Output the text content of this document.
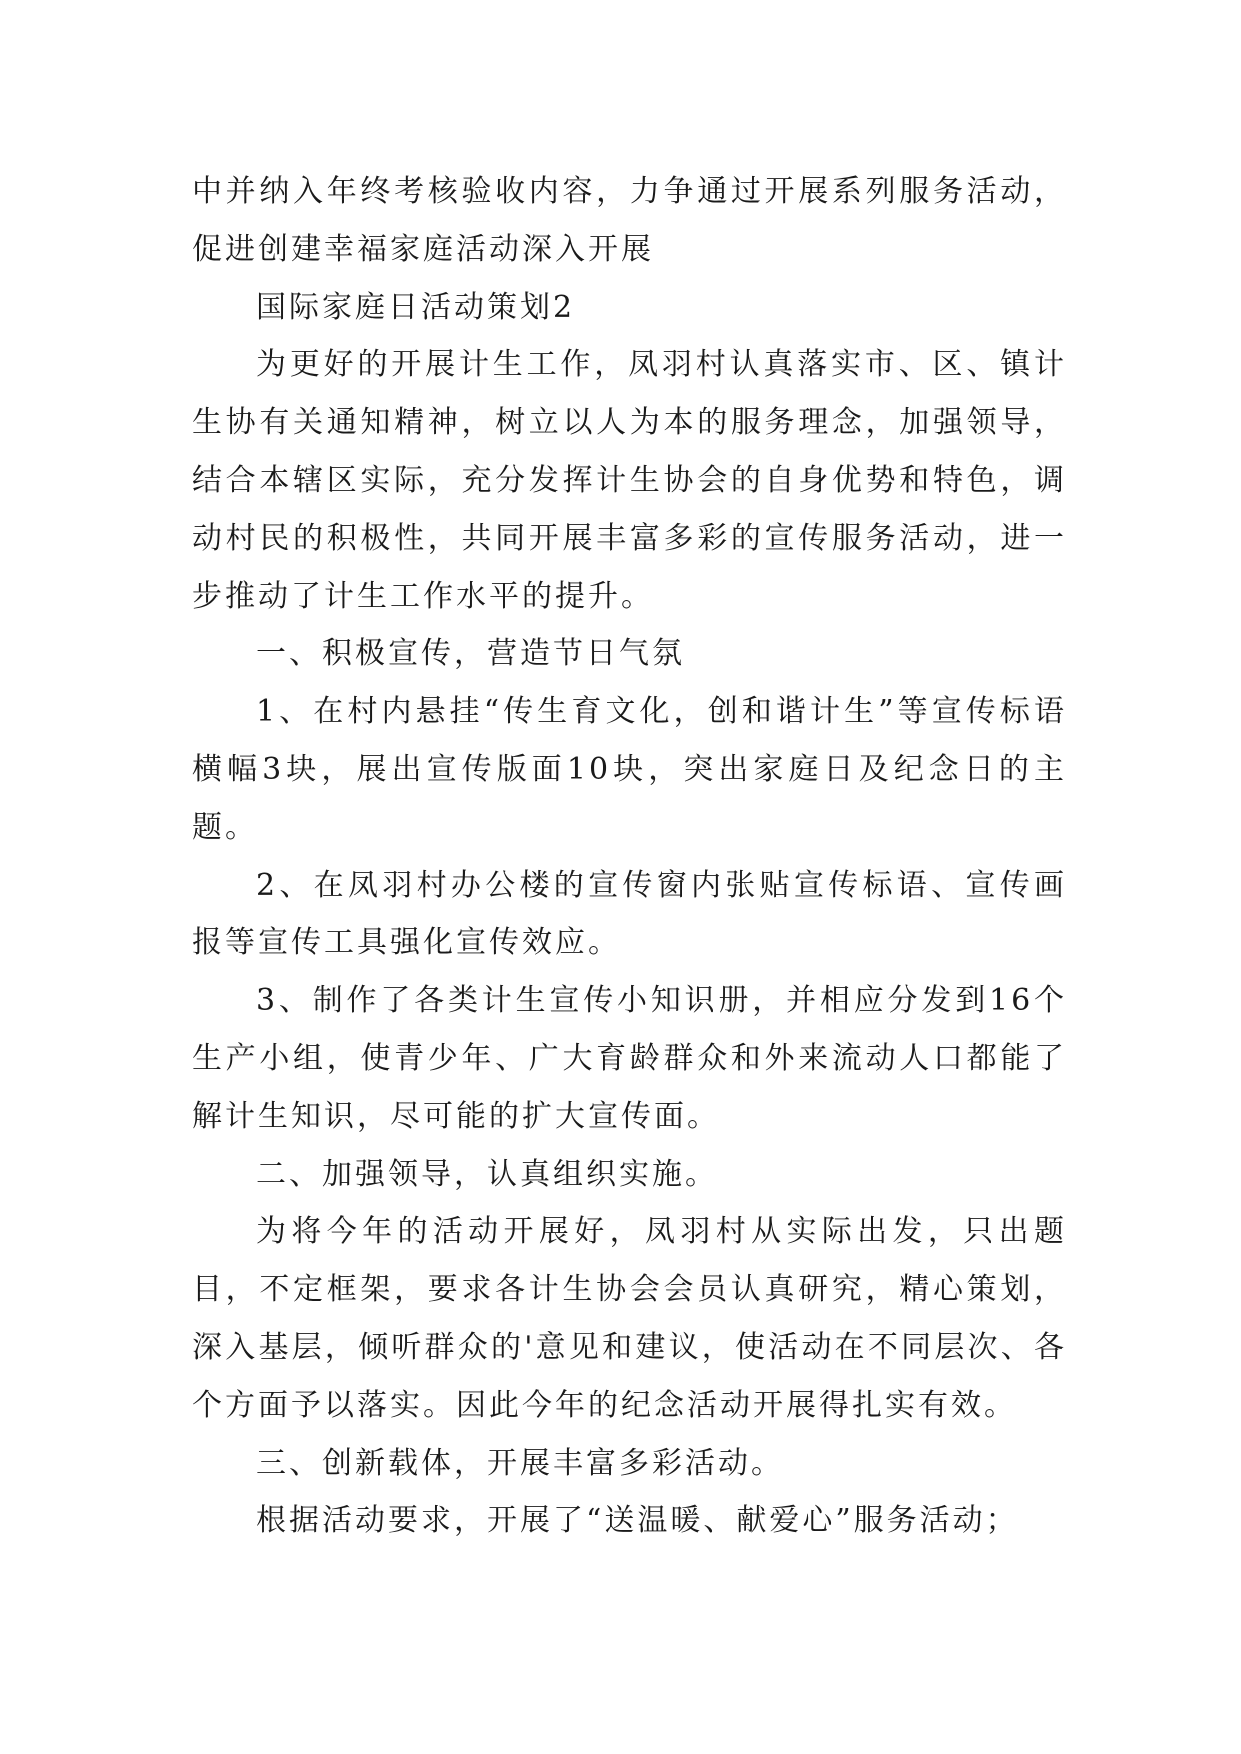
中并纳入年终考核验收内容，力争通过开展系列服务活动，促进创建幸福家庭活动深入开展

国际家庭日活动策划2

为更好的开展计生工作，凤羽村认真落实市、区、镇计生协有关通知精神，树立以人为本的服务理念，加强领导，结合本辖区实际，充分发挥计生协会的自身优势和特色，调动村民的积极性，共同开展丰富多彩的宣传服务活动，进一步推动了计生工作水平的提升。

一、积极宣传，营造节日气氛

1、在村内悬挂“传生育文化，创和谐计生”等宣传标语横幅3块，展出宣传版面10块，突出家庭日及纪念日的主题。

2、在凤羽村办公楼的宣传窗内张贴宣传标语、宣传画报等宣传工具强化宣传效应。

3、制作了各类计生宣传小知识册，并相应分发到16个生产小组，使青少年、广大育龄群众和外来流动人口都能了解计生知识，尽可能的扩大宣传面。

二、加强领导，认真组织实施。

为将今年的活动开展好，凤羽村从实际出发，只出题目，不定框架，要求各计生协会会员认真研究，精心策划，深入基层，倾听群众的'意见和建议，使活动在不同层次、各个方面予以落实。因此今年的纪念活动开展得扎实有效。

三、创新载体，开展丰富多彩活动。

根据活动要求，开展了“送温暖、献爱心”服务活动；
